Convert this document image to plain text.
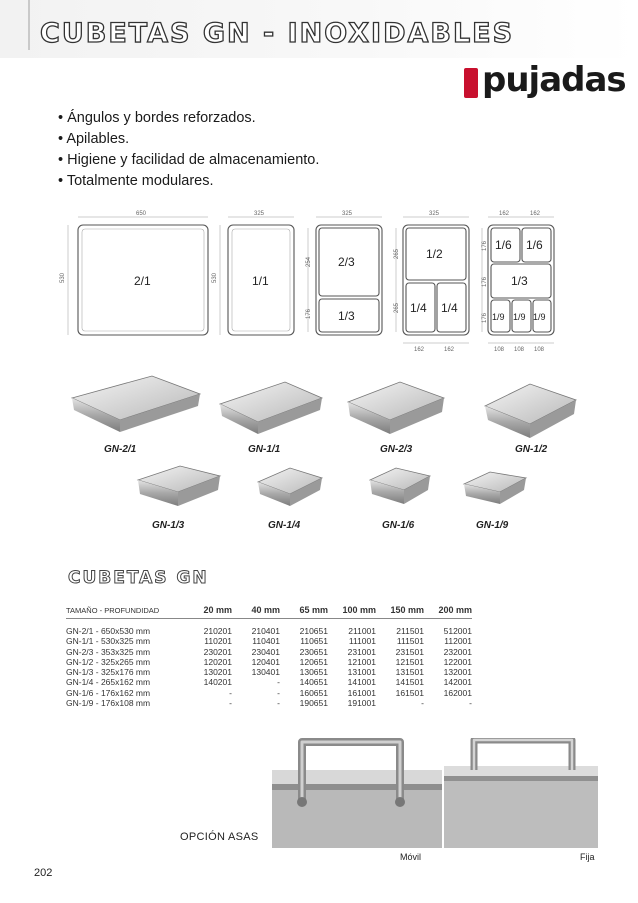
CUBETAS GN - INOXIDABLES
pujadas
• Ángulos y bordes reforzados.
• Apilables.
• Higiene y facilidad de almacenamiento.
• Totalmente modulares.
650
530
325
530
325
254
176
325
265
265
162	162
162	162
176
176
176
108 108 108
2/1	1/1
2/3
1/3
1/2
1/4 1/4
1/6 1/6
1/3
1/9 1/9 1/9
GN-2/1	GN-1/1	GN-2/3	GN-1/2
GN-1/3	GN-1/4	GN-1/6	GN-1/9
CUBETAS GN
TAMAÑO - PROFUNDIDAD	20 mm	40 mm	65 mm	100 mm	150 mm	200 mm

GN-2/1 - 650x530 mm	210201	210401	210651	211001	211501	512001
GN-1/1 - 530x325 mm	110201	110401	110651	111001	111501	112001
GN-2/3 - 353x325 mm	230201	230401	230651	231001	231501	232001
GN-1/2 - 325x265 mm	120201	120401	120651	121001	121501	122001
GN-1/3 - 325x176 mm	130201	130401	130651	131001	131501	132001
GN-1/4 - 265x162 mm	140201	-	140651	141001	141501	142001
GN-1/6 - 176x162 mm	-	-	160651	161001	161501	162001
GN-1/9 - 176x108 mm	-	-	190651	191001	-	-
OPCIÓN ASAS
Móvil	Fija
202
